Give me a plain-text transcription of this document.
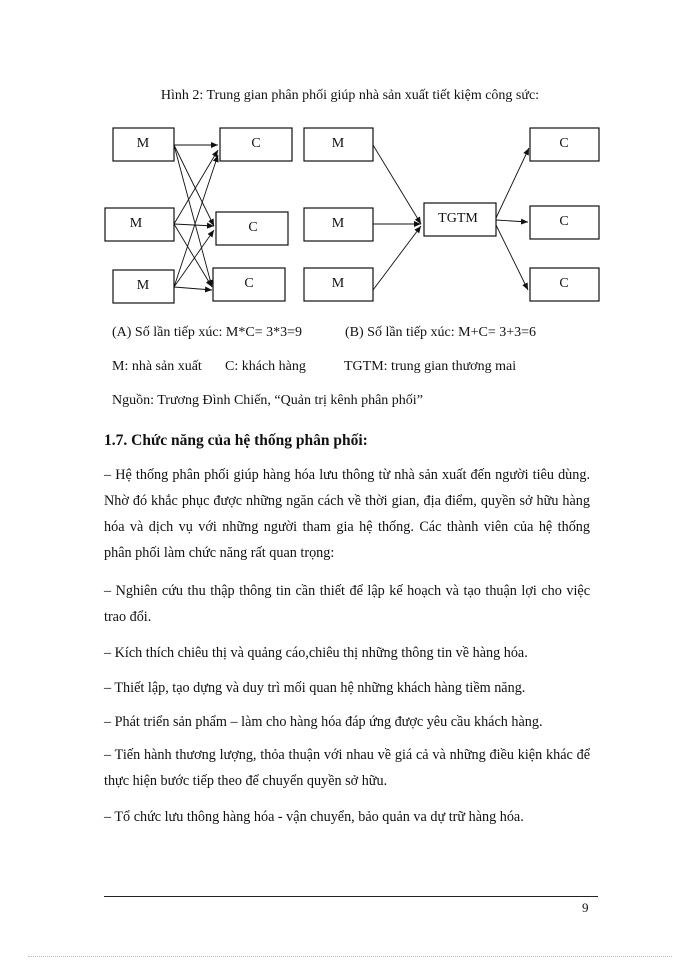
Hình 2: Trung gian phân phối giúp nhà sản xuất tiết kiệm công sức:
M
M
M
C
C
C
M
M
M
TGTM
C
C
C
(A) Số lần tiếp xúc: M*C= 3*3=9	(B) Số lần tiếp xúc: M+C= 3+3=6
M: nhà sản xuất C: khách hàng	TGTM: trung gian thương mai
Nguồn: Trương Đình Chiến, “Quản trị kênh phân phối”
1.7. Chức năng của hệ thống phân phối:
– Hệ thống phân phối giúp hàng hóa lưu thông từ nhà sản xuất đến người tiêu dùng. Nhờ đó khắc phục được những ngăn cách về thời gian, địa điểm, quyền sở hữu hàng hóa và dịch vụ với những người tham gia hệ thống. Các thành viên của hệ thống phân phối làm chức năng rất quan trọng:
– Nghiên cứu thu thập thông tin cần thiết để lập kế hoạch và tạo thuận lợi cho việc trao đổi.
– Kích thích chiêu thị và quảng cáo,chiêu thị những thông tin về hàng hóa.
– Thiết lập, tạo dựng và duy trì mối quan hệ những khách hàng tiềm năng.
– Phát triển sản phẩm – làm cho hàng hóa đáp ứng được yêu cầu khách hàng.
– Tiến hành thương lượng, thỏa thuận với nhau về giá cả và những điều kiện khác để thực hiện bước tiếp theo để chuyển quyền sở hữu.
– Tổ chức lưu thông hàng hóa - vận chuyển, bảo quản va dự trữ hàng hóa.
9
